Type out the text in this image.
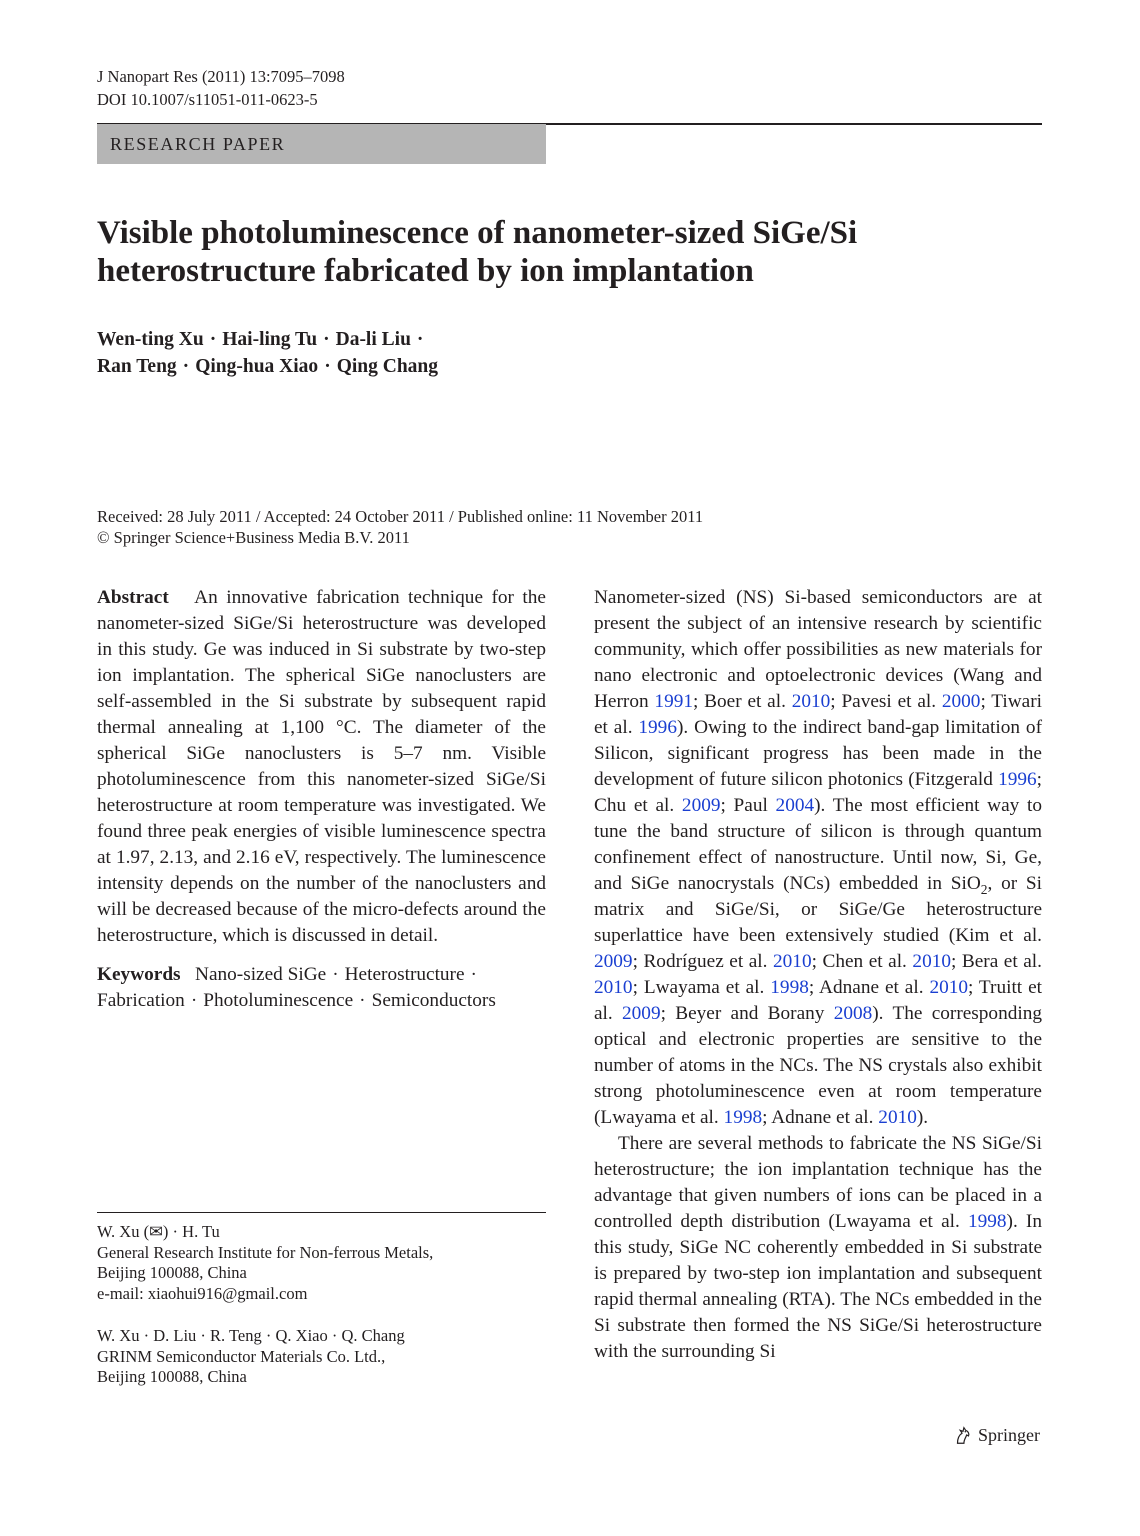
J Nanopart Res (2011) 13:7095–7098
DOI 10.1007/s11051-011-0623-5
RESEARCH PAPER
Visible photoluminescence of nanometer-sized SiGe/Si
heterostructure fabricated by ion implantation
Wen-ting Xu · Hai-ling Tu · Da-li Liu ·
Ran Teng · Qing-hua Xiao · Qing Chang
Received: 28 July 2011 / Accepted: 24 October 2011 / Published online: 11 November 2011
© Springer Science+Business Media B.V. 2011

Abstract An innovative fabrication technique for the nanometer-sized SiGe/Si heterostructure was developed in this study. Ge was induced in Si substrate by two-step ion implantation. The spherical SiGe nanoclusters are self-assembled in the Si substrate by subsequent rapid thermal annealing at 1,100 °C. The diameter of the spherical SiGe nanoclusters is 5–7 nm. Visible photoluminescence from this nanometer-sized SiGe/Si heterostructure at room temperature was investigated. We found three peak energies of visible luminescence spectra at 1.97, 2.13, and 2.16 eV, respectively. The luminescence intensity depends on the number of the nanoclusters and will be decreased because of the micro-defects around the heterostructure, which is discussed in detail.

Keywords Nano-sized SiGe · Heterostructure · Fabrication · Photoluminescence · Semiconductors

Nanometer-sized (NS) Si-based semiconductors are at present the subject of an intensive research by scientific community, which offer possibilities as new materials for nano electronic and optoelectronic devices (Wang and Herron 1991; Boer et al. 2010; Pavesi et al. 2000; Tiwari et al. 1996). Owing to the indirect band-gap limitation of Silicon, significant progress has been made in the development of future silicon photonics (Fitzgerald 1996; Chu et al. 2009; Paul 2004). The most efficient way to tune the band structure of silicon is through quantum confinement effect of nanostructure. Until now, Si, Ge, and SiGe nanocrystals (NCs) embedded in SiO$_2$, or Si matrix and SiGe/Si, or SiGe/Ge heterostructure superlattice have been extensively studied (Kim et al. 2009; Rodríguez et al. 2010; Chen et al. 2010; Bera et al. 2010; Lwayama et al. 1998; Adnane et al. 2010; Truitt et al. 2009; Beyer and Borany 2008). The corresponding optical and electronic properties are sensitive to the number of atoms in the NCs. The NS crystals also exhibit strong photoluminescence even at room temperature (Lwayama et al. 1998; Adnane et al. 2010).

There are several methods to fabricate the NS SiGe/Si heterostructure; the ion implantation technique has the advantage that given numbers of ions can be placed in a controlled depth distribution (Lwayama et al. 1998). In this study, SiGe NC coherently embedded in Si substrate is prepared by two-step ion implantation and subsequent rapid thermal annealing (RTA). The NCs embedded in the Si substrate then formed the NS SiGe/Si heterostructure with the surrounding Si

W. Xu (✉) · H. Tu
General Research Institute for Non-ferrous Metals,
Beijing 100088, China
e-mail: xiaohui916@gmail.com
W. Xu · D. Liu · R. Teng · Q. Xiao · Q. Chang
GRINM Semiconductor Materials Co. Ltd.,
Beijing 100088, China
Springer
